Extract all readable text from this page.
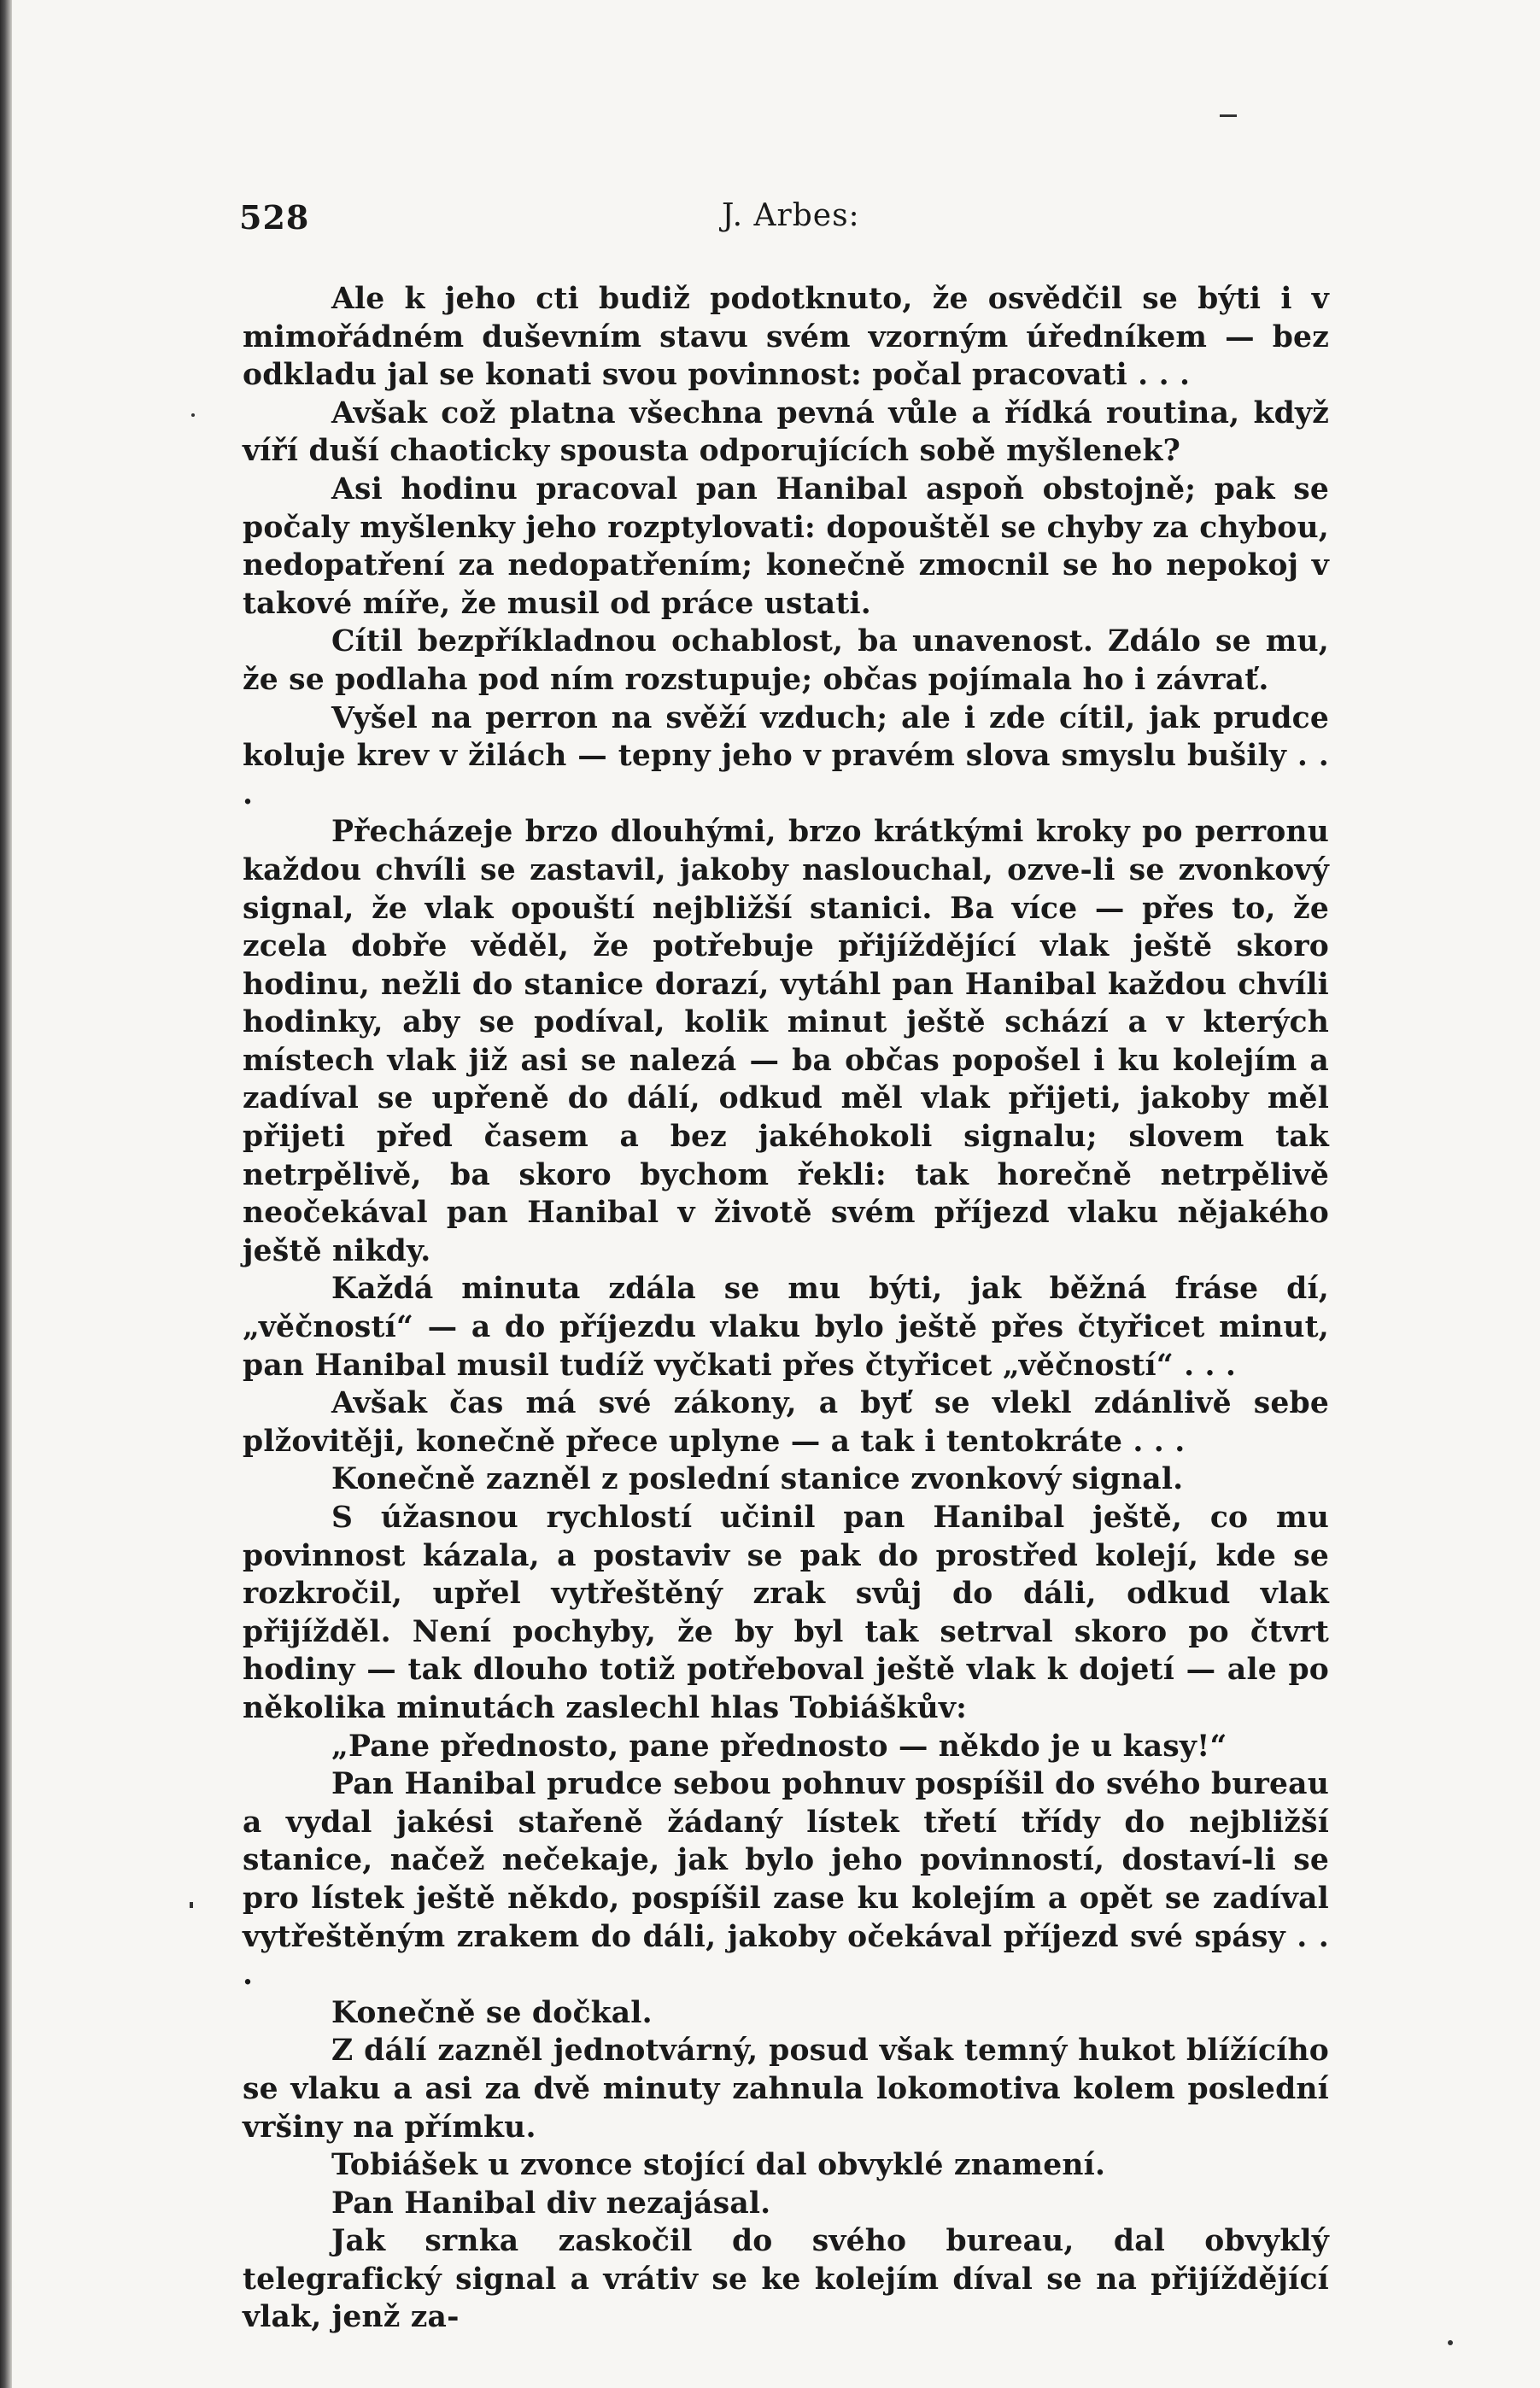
528	J. Arbes:

Ale k jeho cti budiž podotknuto, že osvědčil se býti i v mimořádném duševním stavu svém vzorným úředníkem — bez odkladu jal se konati svou povinnost: počal pracovati . . .

Avšak což platna všechna pevná vůle a řídká routina, když víří duší chaoticky spousta odporujících sobě myšlenek?

Asi hodinu pracoval pan Hanibal aspoň obstojně; pak se počaly myšlenky jeho rozptylovati: dopouštěl se chyby za chybou, nedopatření za nedopatřením; konečně zmocnil se ho nepokoj v takové míře, že musil od práce ustati.

Cítil bezpříkladnou ochablost, ba unavenost. Zdálo se mu, že se podlaha pod ním rozstupuje; občas pojímala ho i závrať.

Vyšel na perron na svěží vzduch; ale i zde cítil, jak prudce koluje krev v žilách — tepny jeho v pravém slova smyslu bušily . . .

Přecházeje brzo dlouhými, brzo krátkými kroky po perronu každou chvíli se zastavil, jakoby naslouchal, ozve-li se zvonkový signal, že vlak opouští nejbližší stanici. Ba více — přes to, že zcela dobře věděl, že potřebuje přijíždějící vlak ještě skoro hodinu, nežli do stanice dorazí, vytáhl pan Hanibal každou chvíli hodinky, aby se podíval, kolik minut ještě schází a v kterých místech vlak již asi se nalezá — ba občas popošel i ku kolejím a zadíval se upřeně do dálí, odkud měl vlak přijeti, jakoby měl přijeti před časem a bez jakéhokoli signalu; slovem tak netrpělivě, ba skoro bychom řekli: tak horečně netrpělivě neočekával pan Hanibal v životě svém příjezd vlaku nějakého ještě nikdy.

Každá minuta zdála se mu býti, jak běžná fráse dí, „věčností“ — a do příjezdu vlaku bylo ještě přes čtyřicet minut, pan Hanibal musil tudíž vyčkati přes čtyřicet „věčností“ . . .

Avšak čas má své zákony, a byť se vlekl zdánlivě sebe plžovitěji, konečně přece uplyne — a tak i tentokráte . . .

Konečně zazněl z poslední stanice zvonkový signal.

S úžasnou rychlostí učinil pan Hanibal ještě, co mu povinnost kázala, a postaviv se pak do prostřed kolejí, kde se rozkročil, upřel vytřeštěný zrak svůj do dáli, odkud vlak přijížděl. Není pochyby, že by byl tak setrval skoro po čtvrt hodiny — tak dlouho totiž potřeboval ještě vlak k dojetí — ale po několika minutách zaslechl hlas Tobiáškův:

„Pane přednosto, pane přednosto — někdo je u kasy!“

Pan Hanibal prudce sebou pohnuv pospíšil do svého bureau a vydal jakési stařeně žádaný lístek třetí třídy do nejbližší stanice, načež nečekaje, jak bylo jeho povinností, dostaví-li se pro lístek ještě někdo, pospíšil zase ku kolejím a opět se zadíval vytřeštěným zrakem do dáli, jakoby očekával příjezd své spásy . . .

Konečně se dočkal.

Z dálí zazněl jednotvárný, posud však temný hukot blížícího se vlaku a asi za dvě minuty zahnula lokomotiva kolem poslední vršiny na přímku.

Tobiášek u zvonce stojící dal obvyklé znamení.

Pan Hanibal div nezajásal.

Jak srnka zaskočil do svého bureau, dal obvyklý telegrafický signal a vrátiv se ke kolejím díval se na přijíždějící vlak, jenž za-
